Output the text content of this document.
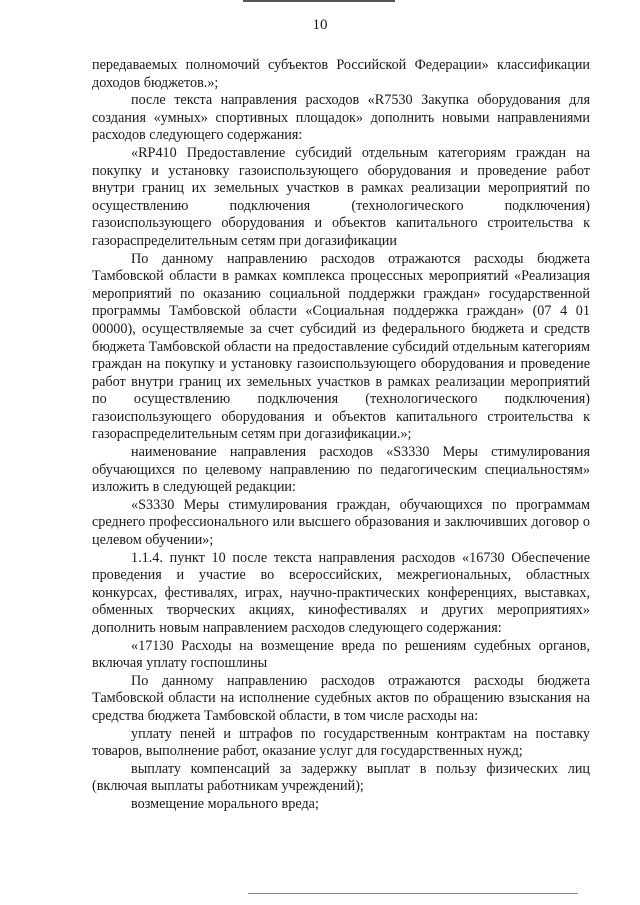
10

передаваемых полномочий субъектов Российской Федерации» классификации доходов бюджетов.»;

после текста направления расходов «R7530 Закупка оборудования для создания «умных» спортивных площадок» дополнить новыми направлениями расходов следующего содержания:

«RP410 Предоставление субсидий отдельным категориям граждан на покупку и установку газоиспользующего оборудования и проведение работ внутри границ их земельных участков в рамках реализации мероприятий по осуществлению подключения (технологического подключения) газоиспользующего оборудования и объектов капитального строительства к газораспределительным сетям при догазификации

По данному направлению расходов отражаются расходы бюджета Тамбовской области в рамках комплекса процессных мероприятий «Реализация мероприятий по оказанию социальной поддержки граждан» государственной программы Тамбовской области «Социальная поддержка граждан» (07 4 01 00000), осуществляемые за счет субсидий из федерального бюджета и средств бюджета Тамбовской области на предоставление субсидий отдельным категориям граждан на покупку и установку газоиспользующего оборудования и проведение работ внутри границ их земельных участков в рамках реализации мероприятий по осуществлению подключения (технологического подключения) газоиспользующего оборудования и объектов капитального строительства к газораспределительным сетям при догазификации.»;

наименование направления расходов «S3330 Меры стимулирования обучающихся по целевому направлению по педагогическим специальностям» изложить в следующей редакции:

«S3330 Меры стимулирования граждан, обучающихся по программам среднего профессионального или высшего образования и заключивших договор о целевом обучении»;

1.1.4. пункт 10 после текста направления расходов «16730 Обеспечение проведения и участие во всероссийских, межрегиональных, областных конкурсах, фестивалях, играх, научно-практических конференциях, выставках, обменных творческих акциях, кинофестивалях и других мероприятиях» дополнить новым направлением расходов следующего содержания:

«17130 Расходы на возмещение вреда по решениям судебных органов, включая уплату госпошлины

По данному направлению расходов отражаются расходы бюджета Тамбовской области на исполнение судебных актов по обращению взыскания на средства бюджета Тамбовской области, в том числе расходы на:

уплату пеней и штрафов по государственным контрактам на поставку товаров, выполнение работ, оказание услуг для государственных нужд;

выплату компенсаций за задержку выплат в пользу физических лиц (включая выплаты работникам учреждений);

возмещение морального вреда;
